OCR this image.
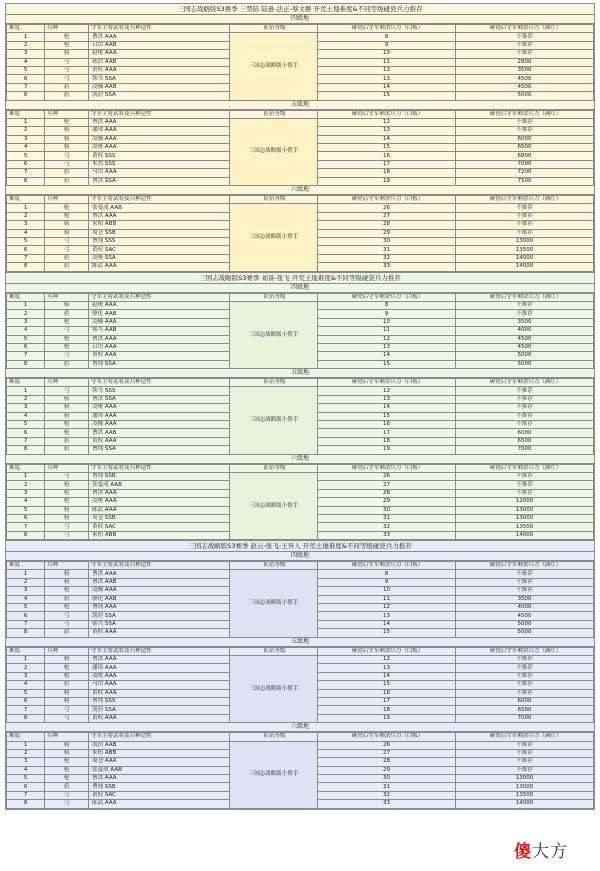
三国志战略版S3赛季 三势陆 陆逊-法正-蔡文姬 开荒土地难度&不同等级碰瓷兵力推荐
四级地
难度	兵种	守军主将武将及兵种适性	队伍等级	碰瓷后守军剩余兵力（白板）	碰瓷后守军剩余兵力（满红）	
1	枪	曹洪 AAA	三国志战略版小帮手	8	不推荐	
2	枪	吕岱 AAB		9	不推荐	
3	骑	赵统 AAA		10	不推荐	
4	弓	韩浩 AAB		11	2800	
5	弓	黄权 AAA		12	3500	
6	弓	韩当 SSA		13	4500	
7	盾	凌操 AAB		14	4500	
8	盾	凯涅 SSA		15	5000	
五级地
难度	兵种	守军主将武将及兵种适性	队伍等级	碰瓷后守军剩余兵力（白板）	碰瓷后守军剩余兵力（满红）	
1	枪	曹洪 AAA	三国志战略版小帮手	12	不推荐	
2	骑	潘璋 AAA		13	不推荐	
3	骑	凌操 AAA		14	6000	
4	骑	凌统 AAA		15	6500	
5	弓	黄权 SSS		16	6800	
6	弓	朱然 SSS		17	7000	
7	盾	马岱 AAA		18	7200	
8	盾	曹洪 SSA		19	7500	
六级地
难度	兵种	守军主将武将及兵种适性	队伍等级	碰瓷后守军剩余兵力（白板）	碰瓷后守军剩余兵力（满红）	
1	枪	张曼成 AAB	三国志战略版小帮手	26	不推荐	
2	枪	曹洪 AAA		27	不推荐	
3	骑	朱桓 ABB		28	不推荐	
4	骑	周仓 SSB		29	不推荐	
5	弓	曹纯 SSS		30	13000	
6	弓	黄权 SAC		31	13500	
7	盾	凌统 SSA		32	14000	
8	盾	陈武 AAA		33	14000	
三国志战略版S3赛季 刘备-张飞 开荒土地难度&不同等级碰瓷兵力推荐
四级地
难度	兵种	守军主将武将及兵种适性	队伍等级	碰瓷后守军剩余兵力（白板）	碰瓷后守军剩余兵力（满红）	
1	骑	赵统 AAA	三国志战略版小帮手	8	不推荐	
2	盾	廖化 AAB		9	不推荐	
3	枪	凌操 AAA		10	3500	
4	弓	韩当 AAB		11	4000	
5	枪	曹洪 AAA		12	4500	
6	枪	吕岱 AAA		13	4500	
7	弓	黄权 AAA		14	5000	
8	盾	曹纯 SSA		15	5000	
五级地
难度	兵种	守军主将武将及兵种适性	队伍等级	碰瓷后守军剩余兵力（白板）	碰瓷后守军剩余兵力（满红）	
1	弓	韩当 SSS	三国志战略版小帮手	12	不推荐	
2	骑	曹洪 SSA		13	不推荐	
3	骑	凌统 AAA		14	不推荐	
4	骑	潘璋 AAA		15	不推荐	
5	枪	凌操 AAA		16	不推荐	
6	枪	曹洪 AAB		17	6000	
7	盾	黄权 AAA		18	6500	
8	盾	曹纯 SSA		19	7000	
六级地
难度	兵种	守军主将武将及兵种适性	队伍等级	碰瓷后守军剩余兵力（白板）	碰瓷后守军剩余兵力（满红）	
1	弓	曹纯 SSB	三国志战略版小帮手	26	不推荐	
2	枪	张曼成 AAB		27	不推荐	
3	枪	曹洪 AAA		28	不推荐	
4	枪	凌统 AAA		29	12000	
5	骑	陈武 AAA		30	13000	
6	骑	周仓 SSB		31	13000	
7	弓	黄权 SAC		32	13500	
8	弓	朱桓 ABB		33	14000	
三国志战略版S3赛季 赵云-张飞-王异人 开荒土地难度&不同等级碰瓷兵力推荐
四级地
难度	兵种	守军主将武将及兵种适性	队伍等级	碰瓷后守军剩余兵力（白板）	碰瓷后守军剩余兵力（满红）	
1	骑	曹洪 AAA	三国志战略版小帮手	8	不推荐	
2	骑	曹洪 AAB		9	不推荐	
3	枪	凌操 AAA		10	不推荐	
4	盾	廖化 AAB		11	3500	
5	枪	曹纯 AAA		12	4000	
6	弓	凯涅 SSA		13	4500	
7	弓	韩当 SSA		14	5000	
8	盾	黄权 AAA		15	5000	
五级地
难度	兵种	守军主将武将及兵种适性	队伍等级	碰瓷后守军剩余兵力（白板）	碰瓷后守军剩余兵力（满红）	
1	骑	曹洪 AAA	三国志战略版小帮手	12	不推荐	
2	枪	潘璋 AAA		13	不推荐	
3	枪	凌统 AAA		14	不推荐	
4	盾	马岱 AAA		15	不推荐	
5	骑	黄权 AAA		16	不推荐	
6	骑	曹纯 SSS		17	6000	
7	弓	凯涅 SSA		18	6500	
8	弓	黄权 AAA		19	7000	
六级地
难度	兵种	守军主将武将及兵种适性	队伍等级	碰瓷后守军剩余兵力（白板）	碰瓷后守军剩余兵力（满红）	
1	骑	凯涅 AAB	三国志战略版小帮手	26	不推荐	
2	骑	朱桓 ABB		27	不推荐	
3	枪	周仓 AAA		28	不推荐	
4	枪	张曼成 AAB		29	不推荐	
5	枪	曹洪 AAA		30	13000	
6	盾	曹纯 SSB		31	13000	
7	弓	黄权 SAC		32	13500	
8	弓	陈武 AAA		33	14000	
傻大方
